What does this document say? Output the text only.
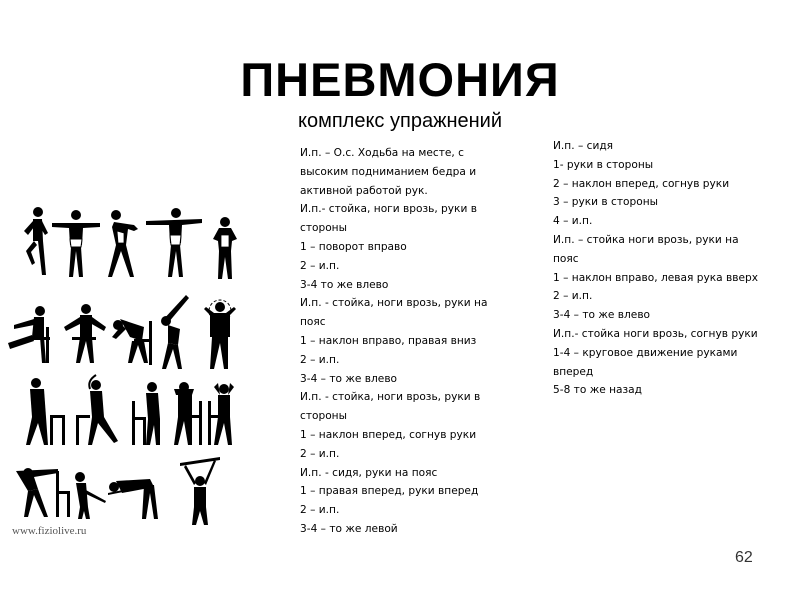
ПНЕВМОНИЯ
комплекс упражнений
www.fiziolive.ru
И.п. – О.с. Ходьба на месте, с
высоким подниманием бедра и
активной работой рук.
И.п.- стойка, ноги врозь, руки в
стороны
1 – поворот вправо
2 – и.п.
3-4 то же влево
И.п. - стойка, ноги врозь, руки на
пояс
1 – наклон вправо, правая вниз
2 – и.п.
3-4 – то же влево
И.п. - стойка, ноги врозь, руки в
стороны
1 – наклон вперед, согнув руки
2 – и.п.
И.п. - сидя, руки на пояс
1 – правая вперед, руки вперед
2 – и.п.
3-4 – то же левой
И.п. – сидя
1- руки в стороны
2 – наклон вперед, согнув руки
3 – руки в стороны
4 – и.п.
И.п. – стойка ноги врозь, руки на
пояс
1 – наклон вправо, левая рука вверх
2 – и.п.
3-4 – то же влево
И.п.- стойка ноги врозь, согнув руки
1-4 – круговое движение руками
вперед
5-8 то же назад
62
